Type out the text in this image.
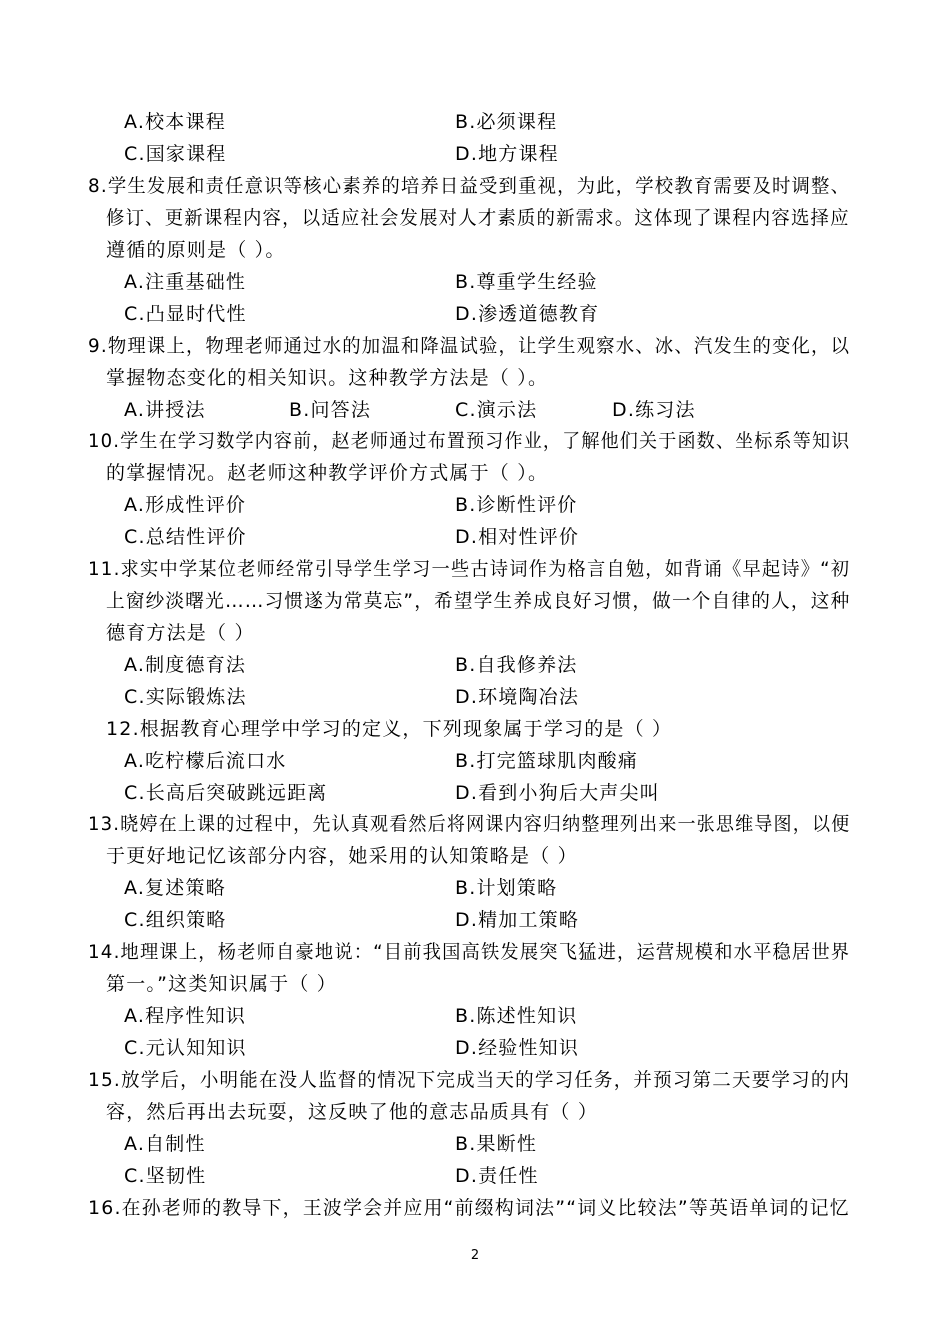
A.校本课程	B.必须课程
C.国家课程	D.地方课程
8.学生发展和责任意识等核心素养的培养日益受到重视，为此，学校教育需要及时调整、
修订、更新课程内容，以适应社会发展对人才素质的新需求。这体现了课程内容选择应
遵循的原则是（ ）。
A.注重基础性	B.尊重学生经验
C.凸显时代性	D.渗透道德教育
9.物理课上，物理老师通过水的加温和降温试验，让学生观察水、冰、汽发生的变化，以
掌握物态变化的相关知识。这种教学方法是（ ）。
A.讲授法	B.问答法	C.演示法	D.练习法
10.学生在学习数学内容前，赵老师通过布置预习作业，了解他们关于函数、坐标系等知识
的掌握情况。赵老师这种教学评价方式属于（ ）。
A.形成性评价	B.诊断性评价
C.总结性评价	D.相对性评价
11.求实中学某位老师经常引导学生学习一些古诗词作为格言自勉，如背诵《早起诗》“初
上窗纱淡曙光……习惯遂为常莫忘”，希望学生养成良好习惯，做一个自律的人，这种
德育方法是（ ）
A.制度德育法	B.自我修养法
C.实际锻炼法	D.环境陶冶法
12.根据教育心理学中学习的定义，下列现象属于学习的是（ ）
A.吃柠檬后流口水	B.打完篮球肌肉酸痛
C.长高后突破跳远距离	D.看到小狗后大声尖叫
13.晓婷在上课的过程中，先认真观看然后将网课内容归纳整理列出来一张思维导图，以便
于更好地记忆该部分内容，她采用的认知策略是（ ）
A.复述策略	B.计划策略
C.组织策略	D.精加工策略
14.地理课上，杨老师自豪地说：“目前我国高铁发展突飞猛进，运营规模和水平稳居世界
第一。”这类知识属于（ ）
A.程序性知识	B.陈述性知识
C.元认知知识	D.经验性知识
15.放学后，小明能在没人监督的情况下完成当天的学习任务，并预习第二天要学习的内
容，然后再出去玩耍，这反映了他的意志品质具有（ ）
A.自制性	B.果断性
C.坚韧性	D.责任性
16.在孙老师的教导下，王波学会并应用“前缀构词法”“词义比较法”等英语单词的记忆
2
